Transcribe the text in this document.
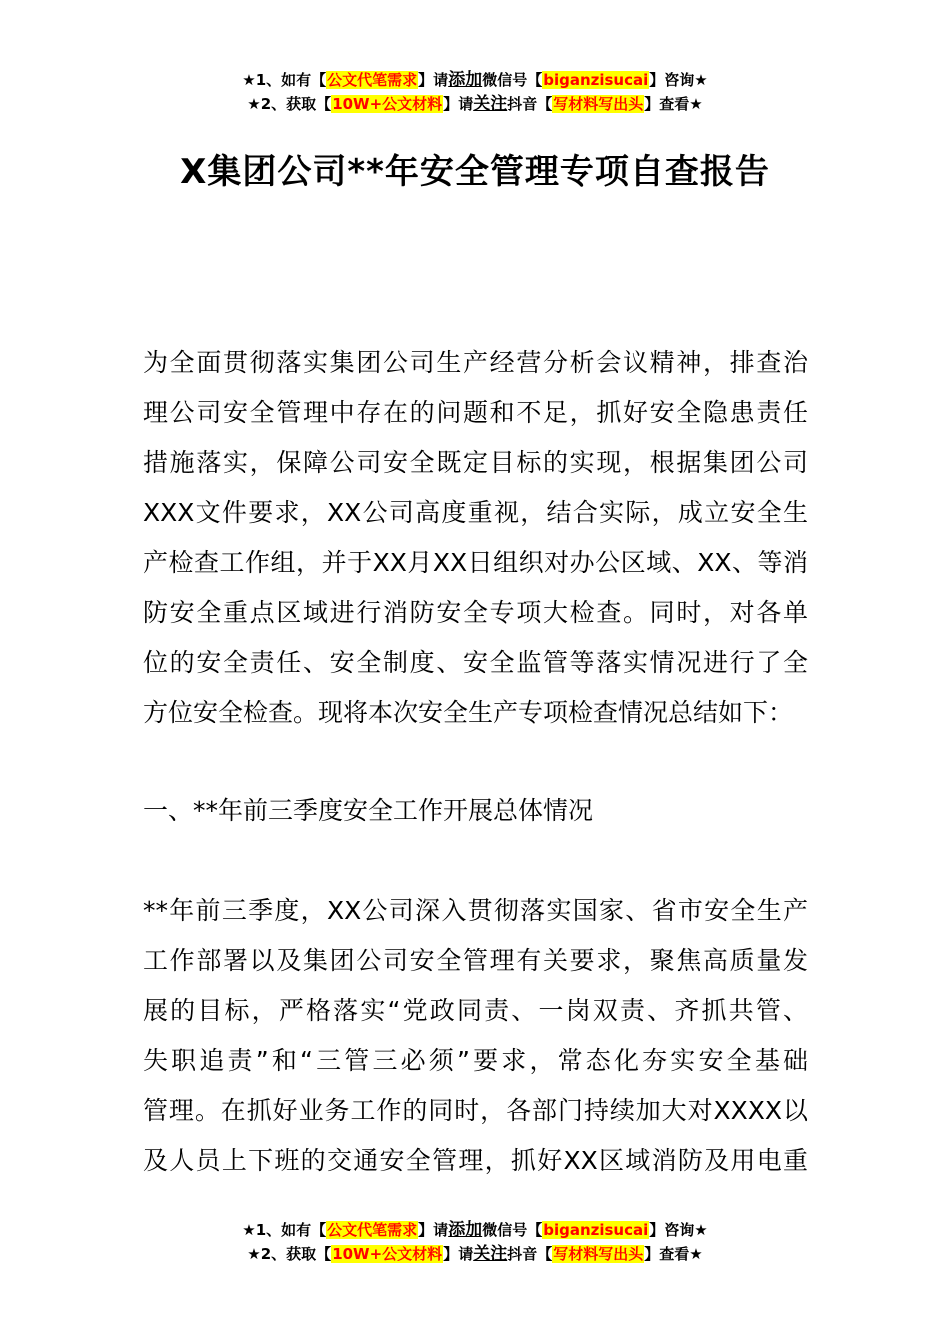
★1、如有【公文代笔需求】请添加微信号【biganzisucai】咨询★
★2、获取【10W+公文材料】请关注抖音【写材料写出头】查看★
X集团公司**年安全管理专项自查报告
为全面贯彻落实集团公司生产经营分析会议精神，排查治
理公司安全管理中存在的问题和不足，抓好安全隐患责任
措施落实，保障公司安全既定目标的实现，根据集团公司
XXX文件要求，XX公司高度重视，结合实际，成立安全生
产检查工作组，并于XX月XX日组织对办公区域、XX、等消
防安全重点区域进行消防安全专项大检查。同时，对各单
位的安全责任、安全制度、安全监管等落实情况进行了全
方位安全检查。现将本次安全生产专项检查情况总结如下：
一、**年前三季度安全工作开展总体情况
**年前三季度，XX公司深入贯彻落实国家、省市安全生产
工作部署以及集团公司安全管理有关要求，聚焦高质量发
展的目标，严格落实“党政同责、一岗双责、齐抓共管、
失职追责”和“三管三必须”要求，常态化夯实安全基础
管理。在抓好业务工作的同时，各部门持续加大对XXXX以
及人员上下班的交通安全管理，抓好XX区域消防及用电重
★1、如有【公文代笔需求】请添加微信号【biganzisucai】咨询★
★2、获取【10W+公文材料】请关注抖音【写材料写出头】查看★
